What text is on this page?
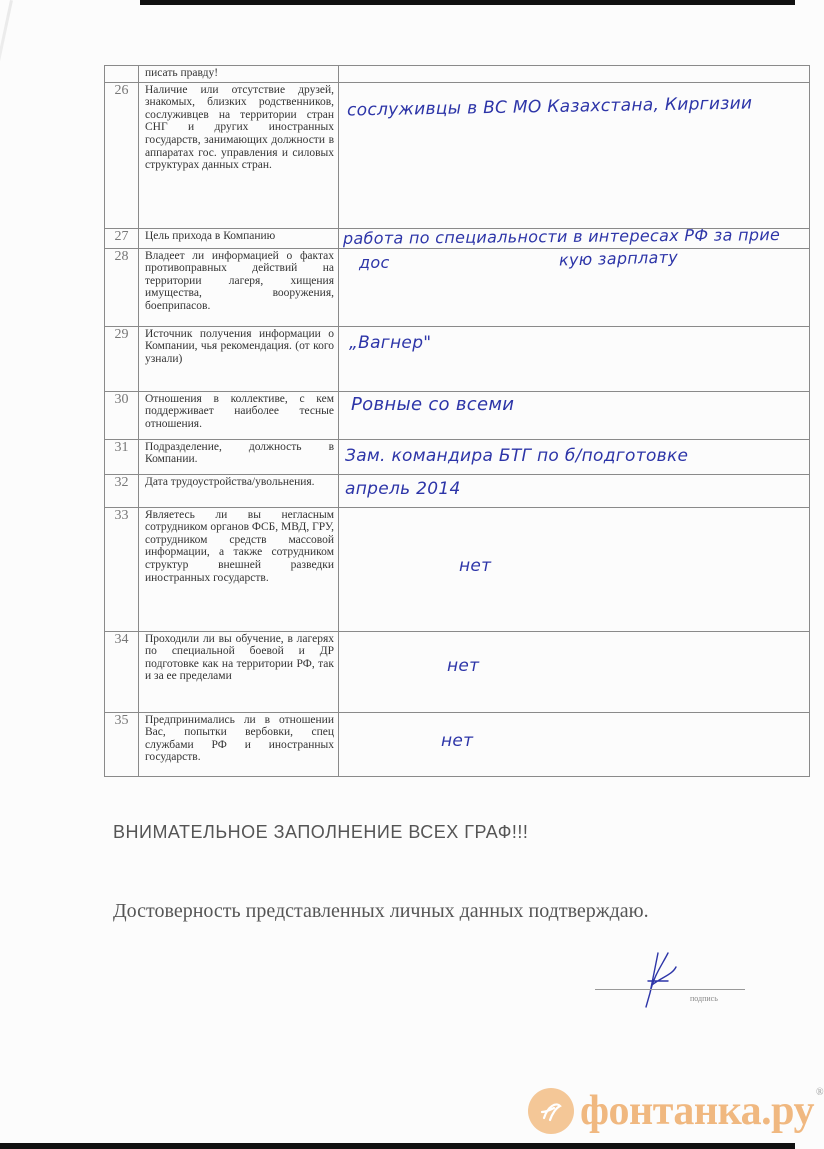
	писать правду!	
26	Наличие или отсутствие друзей, знакомых, близких родственников, сослуживцев на территории стран СНГ и других иностранных государств, занимающих должности в аппаратах гос. управления и силовых структурах данных стран.	сослуживцы в ВС МО Казахстана, Киргизии

27	Цель прихода в Компанию	работа по специальности в интересах РФ за прие

28	Владеет ли информацией о фактах противоправных действий на территории лагеря, хищения имущества, вооружения, боеприпасов.	дос кую зарплату

29	Источник получения информации о Компании, чья рекомендация. (от кого узнали)	„Вагнер"

30	Отношения в коллективе, с кем поддерживает наиболее тесные отношения.	Ровные со всеми

31	Подразделение, должность в Компании.	Зам. командира БТГ по б/подготовке

32	Дата трудоустройства/увольнения.	апрель 2014

33	Являетесь ли вы негласным сотрудником органов ФСБ, МВД, ГРУ, сотрудником средств массовой информации, а также сотрудником структур внешней разведки иностранных государств.	нет

34	Проходили ли вы обучение, в лагерях по специальной боевой и ДР подготовке как на территории РФ, так и за ее пределами	нет

35	Предпринимались ли в отношении Вас, попытки вербовки, спец службами РФ и иностранных государств.	нет
ВНИМАТЕЛЬНОЕ ЗАПОЛНЕНИЕ ВСЕХ ГРАФ!!!
Достоверность представленных личных данных подтверждаю.
подпись
фонтанка.ру ®
